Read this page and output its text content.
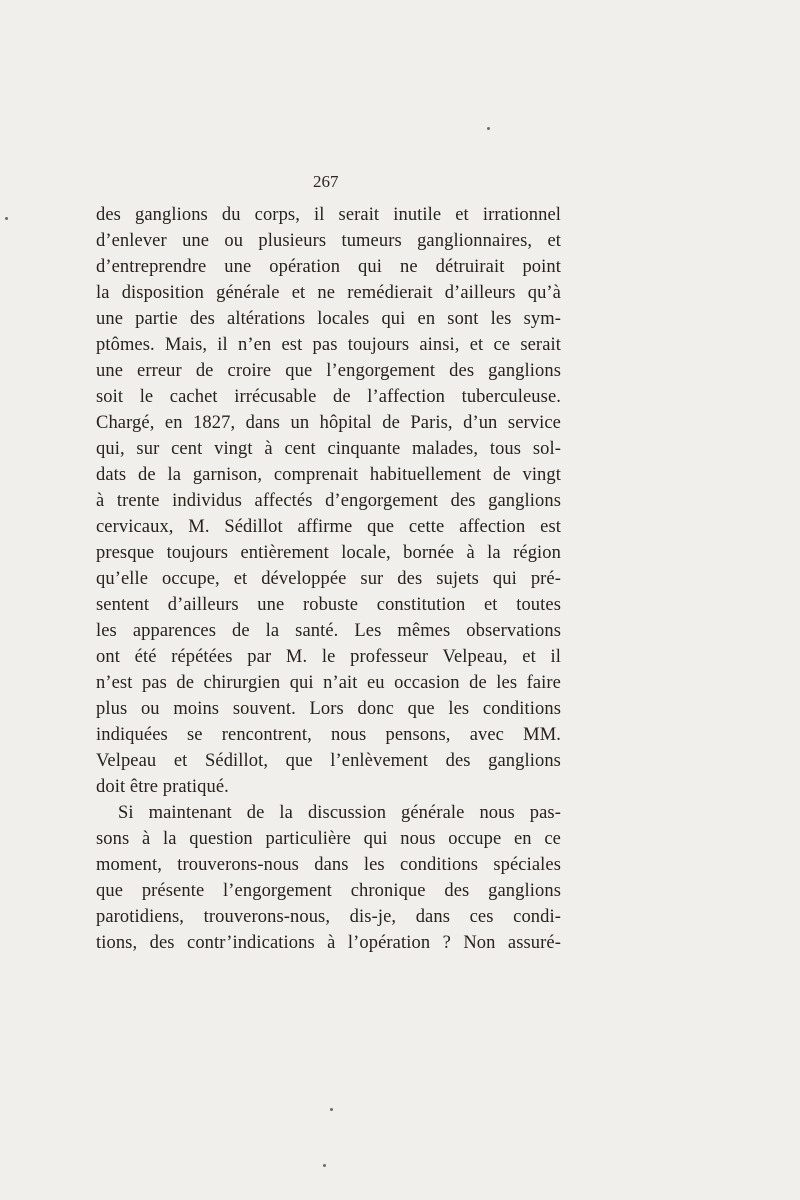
267
des ganglions du corps, il serait inutile et irrationnel
d’enlever une ou plusieurs tumeurs ganglionnaires, et
d’entreprendre une opération qui ne détruirait point
la disposition générale et ne remédierait d’ailleurs qu’à
une partie des altérations locales qui en sont les sym-
ptômes. Mais, il n’en est pas toujours ainsi, et ce serait
une erreur de croire que l’engorgement des ganglions
soit le cachet irrécusable de l’affection tuberculeuse.
Chargé, en 1827, dans un hôpital de Paris, d’un service
qui, sur cent vingt à cent cinquante malades, tous sol-
dats de la garnison, comprenait habituellement de vingt
à trente individus affectés d’engorgement des ganglions
cervicaux, M. Sédillot affirme que cette affection est
presque toujours entièrement locale, bornée à la région
qu’elle occupe, et développée sur des sujets qui pré-
sentent d’ailleurs une robuste constitution et toutes
les apparences de la santé. Les mêmes observations
ont été répétées par M. le professeur Velpeau, et il
n’est pas de chirurgien qui n’ait eu occasion de les faire
plus ou moins souvent. Lors donc que les conditions
indiquées se rencontrent, nous pensons, avec MM.
Velpeau et Sédillot, que l’enlèvement des ganglions
doit être pratiqué.
Si maintenant de la discussion générale nous pas-
sons à la question particulière qui nous occupe en ce
moment, trouverons-nous dans les conditions spéciales
que présente l’engorgement chronique des ganglions
parotidiens, trouverons-nous, dis-je, dans ces condi-
tions, des contr’indications à l’opération ? Non assuré-
